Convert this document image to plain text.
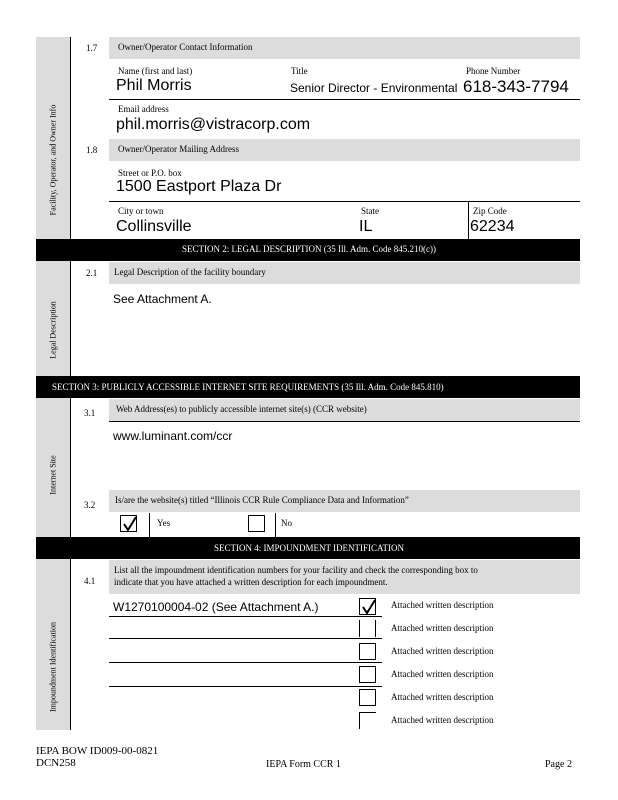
Facility, Operator, and Owner Info
1.7 Owner/Operator Contact Information
Name (first and last)
Phil Morris
Title
Senior Director - Environmental
Phone Number
618-343-7794
Email address
phil.morris@vistracorp.com
1.8 Owner/Operator Mailing Address
Street or P.O. box
1500 Eastport Plaza Dr
City or town
Collinsville
State
IL
Zip Code
62234
SECTION 2: LEGAL DESCRIPTION (35 Ill. Adm. Code 845.210(c))
Legal Description
2.1 Legal Description of the facility boundary
See Attachment A.
SECTION 3: PUBLICLY ACCESSIBLE INTERNET SITE REQUIREMENTS (35 Ill. Adm. Code 845.810)
Internet Site
3.1 Web Address(es) to publicly accessible internet site(s) (CCR website)
www.luminant.com/ccr
3.2 Is/are the website(s) titled “Illinois CCR Rule Compliance Data and Information”
Yes	No
SECTION 4: IMPOUNDMENT IDENTIFICATION
Impoundment Identification
4.1
List all the impoundment identification numbers for your facility and check the corresponding box to
indicate that you have attached a written description for each impoundment.
W1270100004-02 (See Attachment A.)	Attached written description
Attached written description
Attached written description
Attached written description
Attached written description
Attached written description
IEPA BOW ID009-00-0821
DCN258	IEPA Form CCR 1	Page 2
